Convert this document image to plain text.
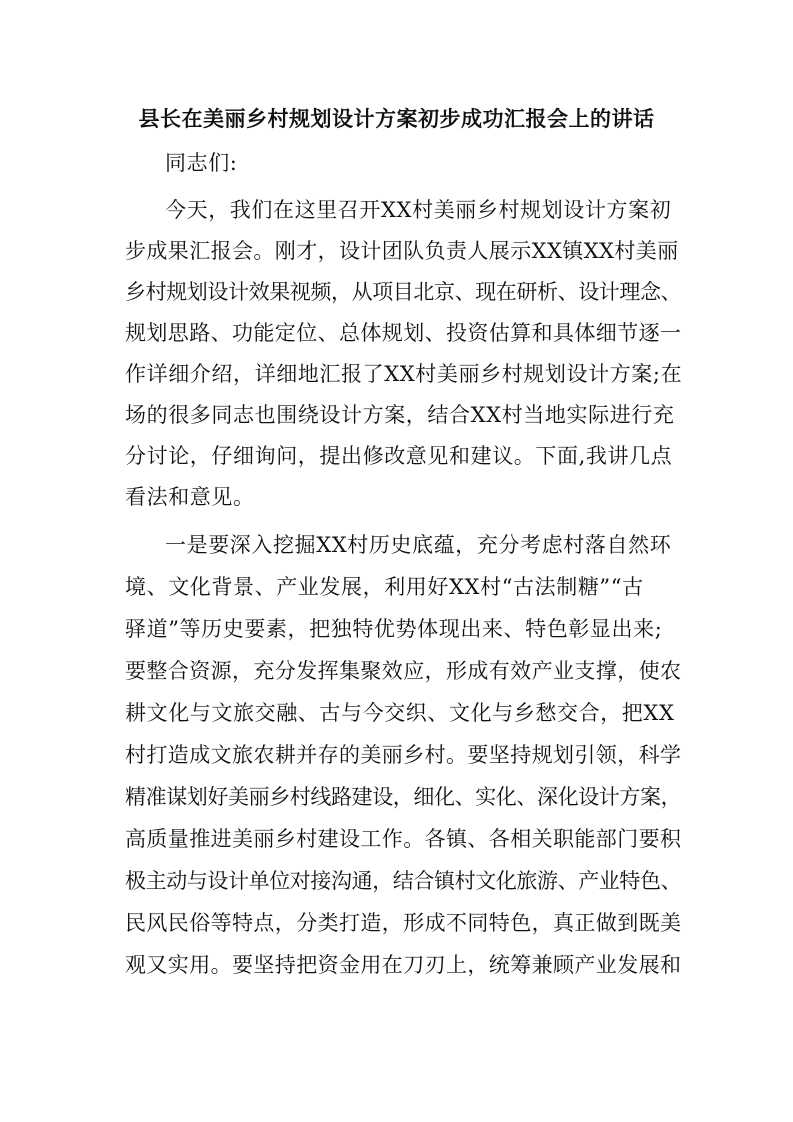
县长在美丽乡村规划设计方案初步成功汇报会上的讲话
同志们:
今天，我们在这里召开XX村美丽乡村规划设计方案初
步成果汇报会。刚才，设计团队负责人展示XX镇XX村美丽
乡村规划设计效果视频，从项目北京、现在研析、设计理念、
规划思路、功能定位、总体规划、投资估算和具体细节逐一
作详细介绍，详细地汇报了XX村美丽乡村规划设计方案;在
场的很多同志也围绕设计方案，结合XX村当地实际进行充
分讨论，仔细询问，提出修改意见和建议。下面,我讲几点
看法和意见。
一是要深入挖掘XX村历史底蕴，充分考虑村落自然环
境、文化背景、产业发展，利用好XX村“古法制糖”“古
驿道”等历史要素，把独特优势体现出来、特色彰显出来;
要整合资源，充分发挥集聚效应，形成有效产业支撑，使农
耕文化与文旅交融、古与今交织、文化与乡愁交合，把XX
村打造成文旅农耕并存的美丽乡村。要坚持规划引领，科学
精准谋划好美丽乡村线路建设，细化、实化、深化设计方案，
高质量推进美丽乡村建设工作。各镇、各相关职能部门要积
极主动与设计单位对接沟通，结合镇村文化旅游、产业特色、
民风民俗等特点，分类打造，形成不同特色，真正做到既美
观又实用。要坚持把资金用在刀刃上，统筹兼顾产业发展和
